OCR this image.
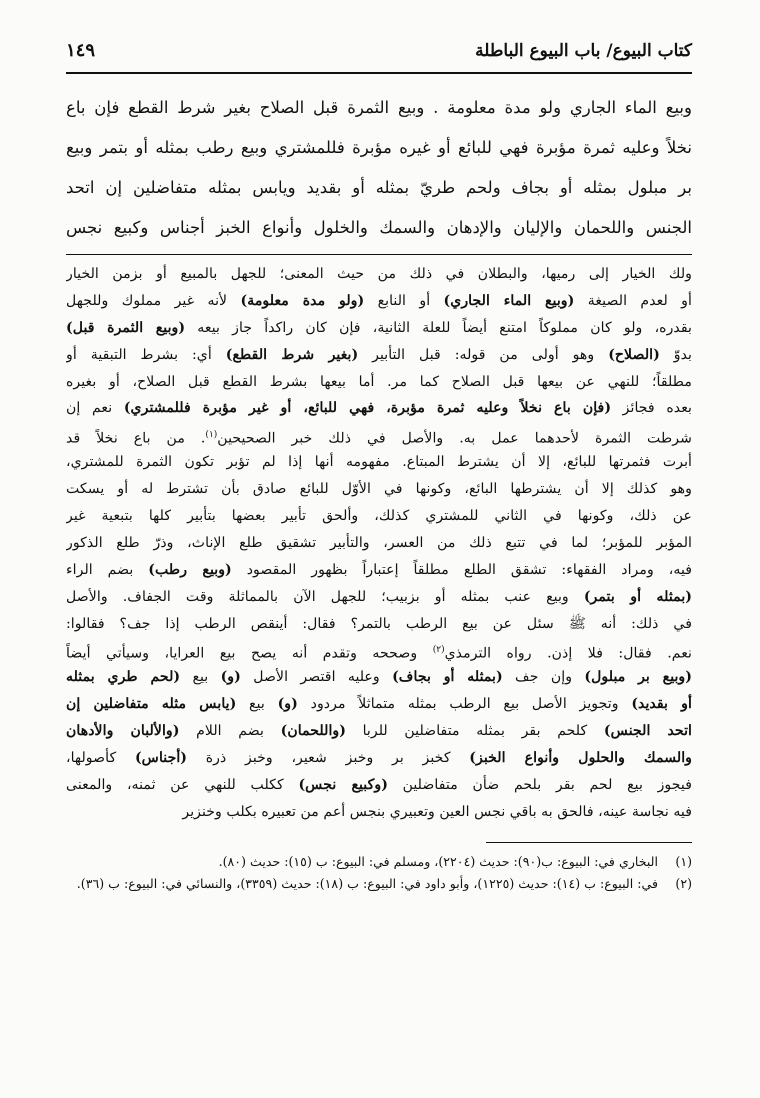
كتاب البيوع/ باب البيوع الباطلة
١٤٩
وبيع الماء الجاري ولو مدة معلومة . وبيع الثمرة قبل الصلاح بغير شرط القطع فإن باع
نخلاً وعليه ثمرة مؤبرة فهي للبائع أو غيره مؤبرة فللمشتري وبيع رطب بمثله أو بتمر وبيع
بر مبلول بمثله أو بجاف ولحم طريّ بمثله أو بقديد ويابس بمثله متفاضلين إن اتحد
الجنس واللحمان والإليان والإدهان والسمك والخلول وأنواع الخبز أجناس وكبيع نجس
ولك الخيار إلى رميها، والبطلان في ذلك من حيث المعنى؛ للجهل بالمبيع أو بزمن الخيار
أو لعدم الصيغة (وبيع الماء الجاري) أو النابع (ولو مدة معلومة) لأنه غير مملوك وللجهل
بقدره، ولو كان مملوكاً امتنع أيضاً للعلة الثانية، فإن كان راكداً جاز بيعه (وبيع الثمرة قبل)
بدوّ (الصلاح) وهو أولى من قوله: قبل التأبير (بغير شرط القطع) أي: بشرط التبقية أو
مطلقاً؛ للنهي عن بيعها قبل الصلاح كما مر. أما بيعها بشرط القطع قبل الصلاح، أو بغيره
بعده فجائز (فإن باع نخلاً وعليه ثمرة مؤبرة، فهي للبائع، أو غير مؤبرة فللمشتري) نعم إن
شرطت الثمرة لأحدهما عمل به. والأصل في ذلك خبر الصحيحين$^{(١)}$. من باع نخلاً قد
أبرت فثمرتها للبائع، إلا أن يشترط المبتاع. مفهومه أنها إذا لم تؤبر تكون الثمرة للمشتري،
وهو كذلك إلا أن يشترطها البائع، وكونها في الأوّل للبائع صادق بأن تشترط له أو يسكت
عن ذلك، وكونها في الثاني للمشتري كذلك، وألحق تأبير بعضها بتأبير كلها بتبعية غير
المؤبر للمؤبر؛ لما في تتبع ذلك من العسر، والتأبير تشقيق طلع الإناث، وذرّ طلع الذكور
فيه، ومراد الفقهاء: تشقق الطلع مطلقاً إعتباراً بظهور المقصود (وبيع رطب) بضم الراء
(بمثله أو بتمر) وبيع عنب بمثله أو بزبيب؛ للجهل الآن بالمماثلة وقت الجفاف. والأصل
في ذلك: أنه ﷺ سئل عن بيع الرطب بالتمر؟ فقال: أينقص الرطب إذا جف؟ فقالوا:
نعم. فقال: فلا إذن. رواه الترمذي$^{(٢)}$ وصححه وتقدم أنه يصح بيع العرايا، وسيأتي أيضاً
(وبيع بر مبلول) وإن جف (بمثله أو بجاف) وعليه اقتصر الأصل (و) بيع (لحم طري بمثله
أو بقديد) وتجويز الأصل بيع الرطب بمثله متماثلاً مردود (و) بيع (يابس مثله متفاضلين إن
اتحد الجنس) كلحم بقر بمثله متفاضلين للربا (واللحمان) بضم اللام (والألبان والأدهان
والسمك والحلول وأنواع الخبز) كخبز بر وخبز شعير، وخبز ذرة (أجناس) كأصولها،
فيجوز بيع لحم بقر بلحم ضأن متفاضلين (وكبيع نجس) ككلب للنهي عن ثمنه، والمعنى
فيه نجاسة عينه، فالحق به باقي نجس العين وتعبيري بنجس أعم من تعبيره بكلب وخنزير
(١)
البخاري في: البيوع: ب(٩٠): حديث (٢٢٠٤)، ومسلم في: البيوع: ب (١٥): حديث (٨٠).
(٢)
في: البيوع: ب (١٤): حديث (١٢٢٥)، وأبو داود في: البيوع: ب (١٨): حديث (٣٣٥٩)، والنسائي في: البيوع: ب (٣٦).
